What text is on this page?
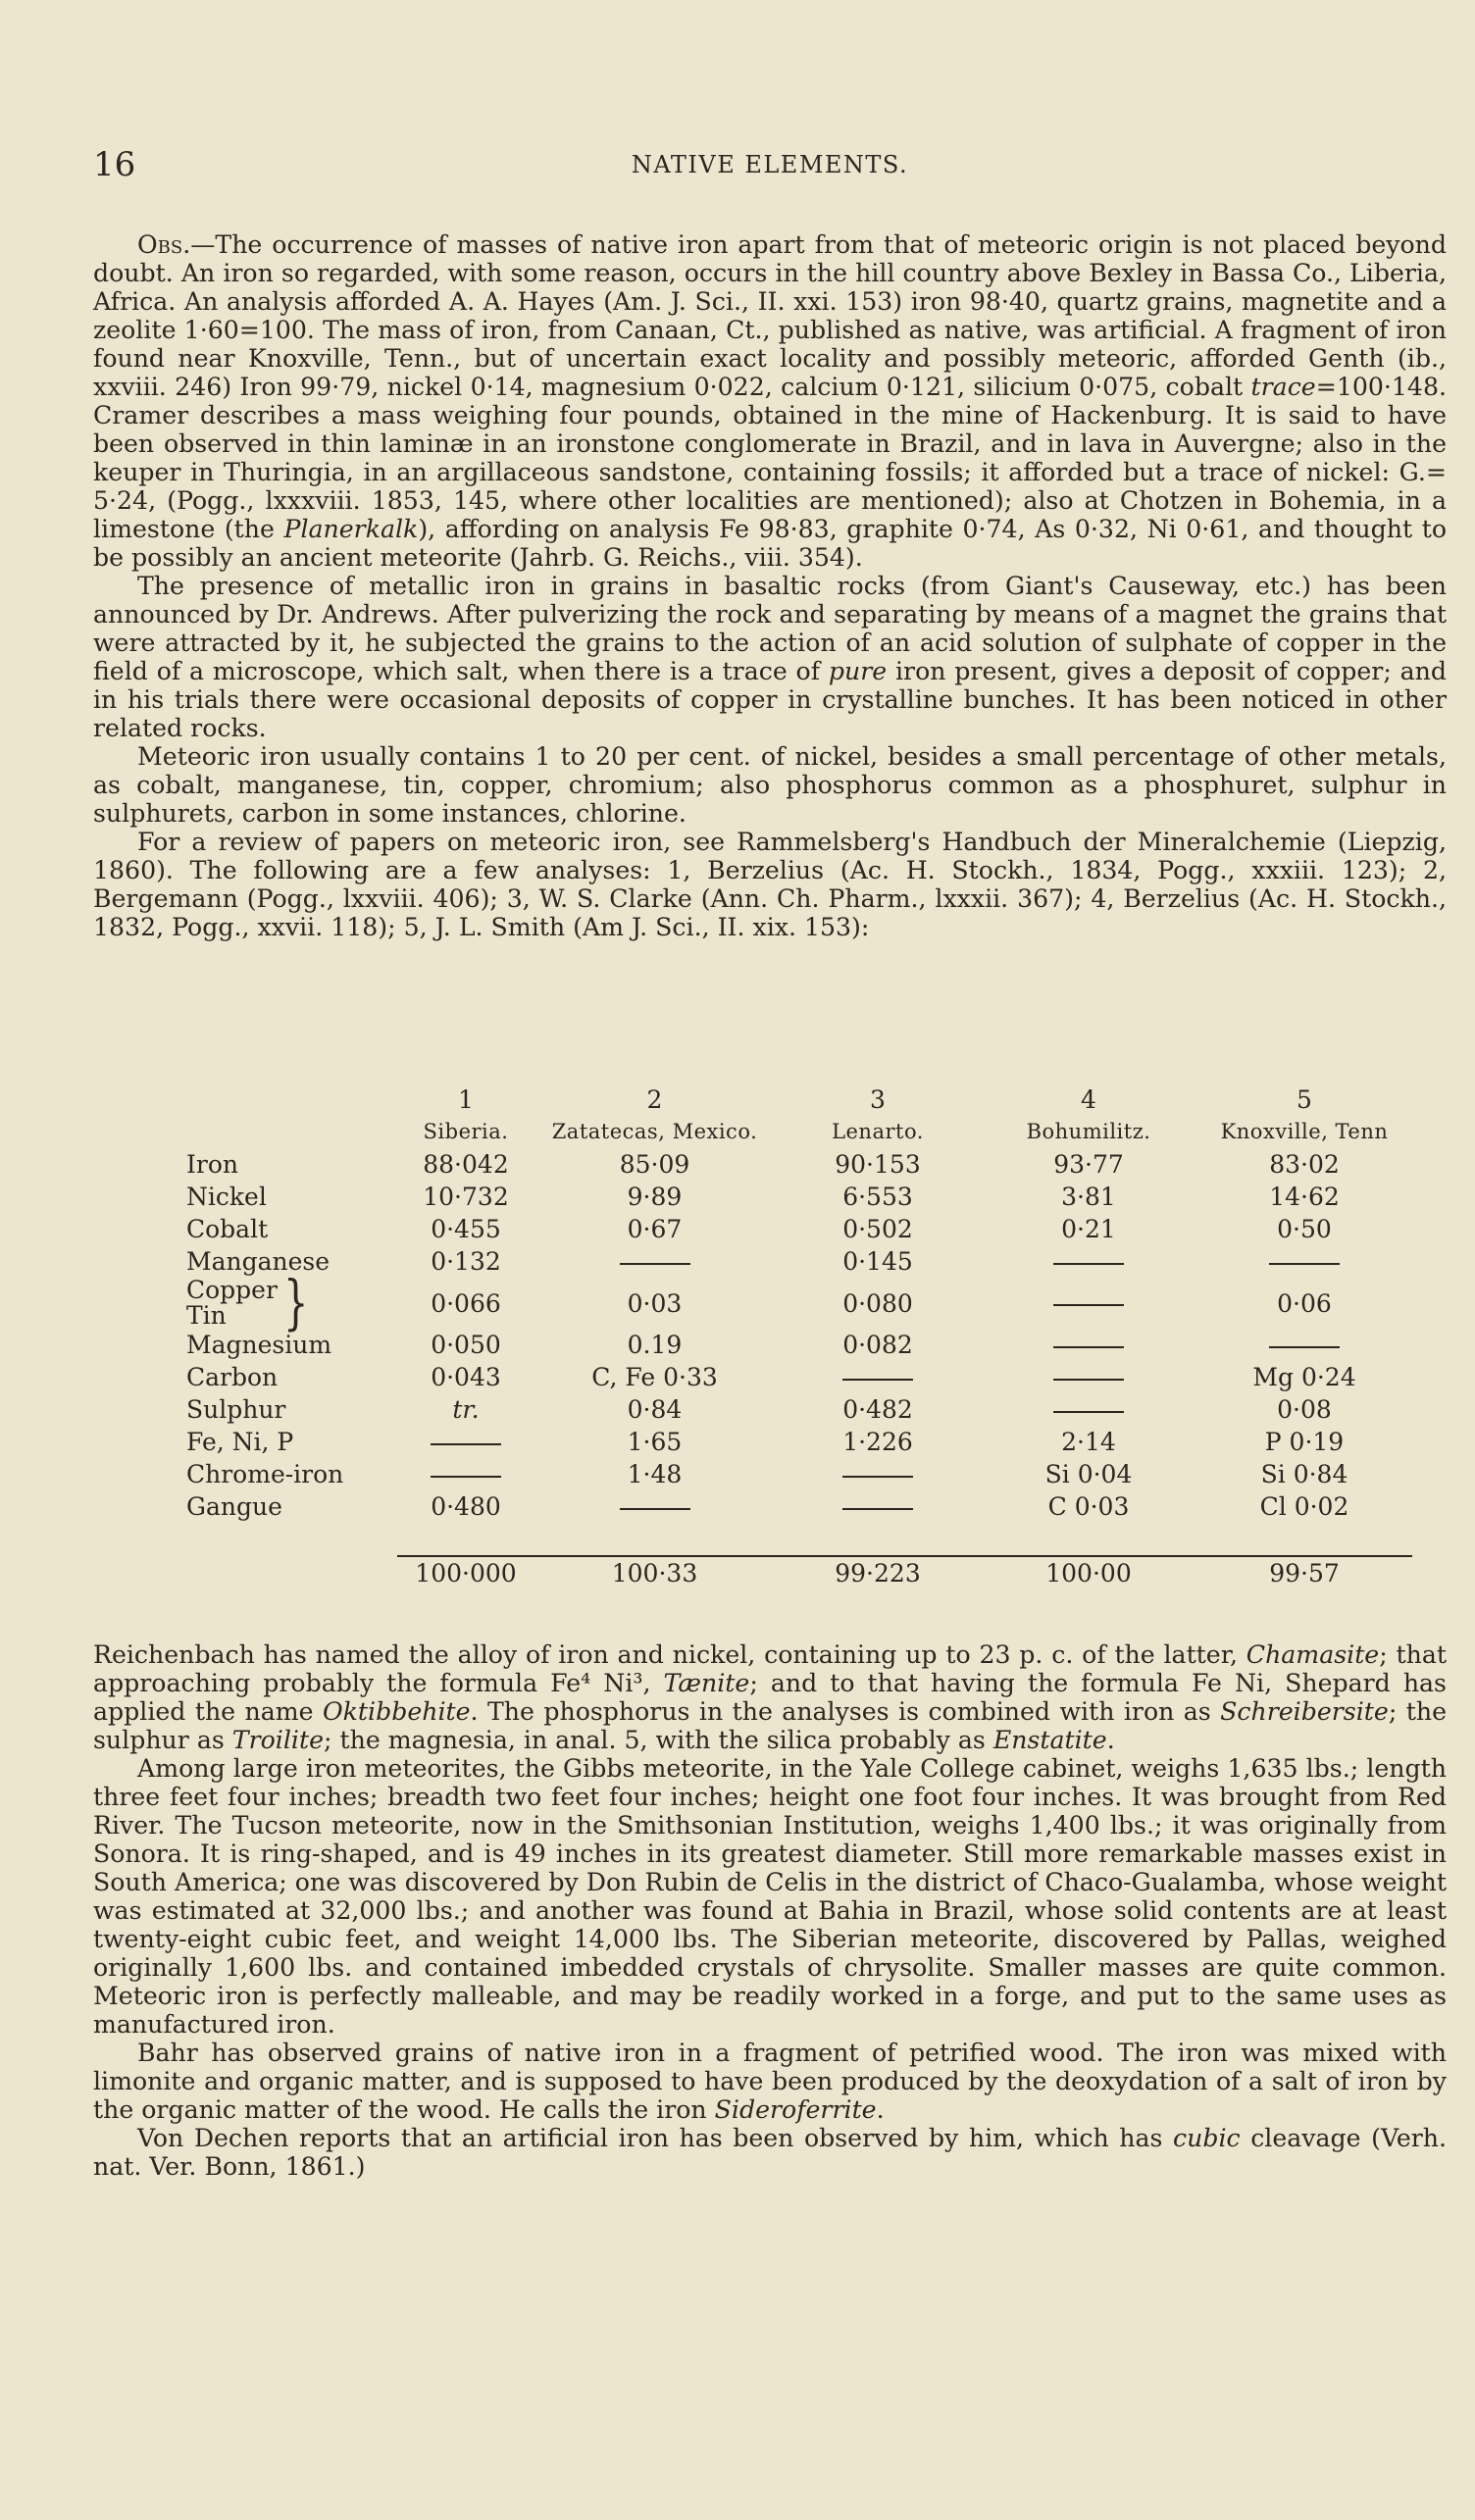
16	NATIVE ELEMENTS.

Obs.—The occurrence of masses of native iron apart from that of meteoric origin is not placed beyond doubt. An iron so regarded, with some reason, occurs in the hill country above Bexley in Bassa Co., Liberia, Africa. An analysis afforded A. A. Hayes (Am. J. Sci., II. xxi. 153) iron 98·40, quartz grains, magnetite and a zeolite 1·60=100. The mass of iron, from Canaan, Ct., published as native, was artificial. A fragment of iron found near Knoxville, Tenn., but of uncertain exact locality and possibly meteoric, afforded Genth (ib., xxviii. 246) Iron 99·79, nickel 0·14, magnesium 0·022, calcium 0·121, silicium 0·075, cobalt trace=100·148. Cramer describes a mass weighing four pounds, obtained in the mine of Hackenburg. It is said to have been observed in thin laminæ in an ironstone conglomerate in Brazil, and in lava in Auvergne; also in the keuper in Thuringia, in an argillaceous sandstone, containing fossils; it afforded but a trace of nickel: G.= 5·24, (Pogg., lxxxviii. 1853, 145, where other localities are mentioned); also at Chotzen in Bohemia, in a limestone (the Planerkalk), affording on analysis Fe 98·83, graphite 0·74, As 0·32, Ni 0·61, and thought to be possibly an ancient meteorite (Jahrb. G. Reichs., viii. 354).

The presence of metallic iron in grains in basaltic rocks (from Giant's Causeway, etc.) has been announced by Dr. Andrews. After pulverizing the rock and separating by means of a magnet the grains that were attracted by it, he subjected the grains to the action of an acid solution of sulphate of copper in the field of a microscope, which salt, when there is a trace of pure iron present, gives a deposit of copper; and in his trials there were occasional deposits of copper in crystalline bunches. It has been noticed in other related rocks.

Meteoric iron usually contains 1 to 20 per cent. of nickel, besides a small percentage of other metals, as cobalt, manganese, tin, copper, chromium; also phosphorus common as a phosphuret, sulphur in sulphurets, carbon in some instances, chlorine.

For a review of papers on meteoric iron, see Rammelsberg's Handbuch der Mineralchemie (Liepzig, 1860). The following are a few analyses: 1, Berzelius (Ac. H. Stockh., 1834, Pogg., xxxiii. 123); 2, Bergemann (Pogg., lxxviii. 406); 3, W. S. Clarke (Ann. Ch. Pharm., lxxxii. 367); 4, Berzelius (Ac. H. Stockh., 1832, Pogg., xxvii. 118); 5, J. L. Smith (Am J. Sci., II. xix. 153):

	1	2	3	4	5
	Siberia.	Zatatecas, Mexico.	Lenarto.	Bohumilitz.	Knoxville, Tenn
Iron	88·042	85·09	90·153	93·77	83·02
Nickel	10·732	9·89	6·553	3·81	14·62
Cobalt	0·455	0·67	0·502	0·21	0·50
Manganese	0·132		0·145		
Copper
Tin }	0·066	0·03	0·080		0·06
Magnesium	0·050	0.19	0·082		
Carbon	0·043	C, Fe 0·33			Mg 0·24
Sulphur	tr.	0·84	0·482		0·08
Fe, Ni, P		1·65	1·226	2·14	P 0·19
Chrome-iron		1·48		Si 0·04	Si 0·84
Gangue	0·480			C 0·03	Cl 0·02

	100·000	100·33	99·223	100·00	99·57

Reichenbach has named the alloy of iron and nickel, containing up to 23 p. c. of the latter, Chamasite; that approaching probably the formula Fe⁴ Ni³, Tænite; and to that having the formula Fe Ni, Shepard has applied the name Oktibbehite. The phosphorus in the analyses is combined with iron as Schreibersite; the sulphur as Troilite; the magnesia, in anal. 5, with the silica probably as Enstatite.

Among large iron meteorites, the Gibbs meteorite, in the Yale College cabinet, weighs 1,635 lbs.; length three feet four inches; breadth two feet four inches; height one foot four inches. It was brought from Red River. The Tucson meteorite, now in the Smithsonian Institution, weighs 1,400 lbs.; it was originally from Sonora. It is ring-shaped, and is 49 inches in its greatest diameter. Still more remarkable masses exist in South America; one was discovered by Don Rubin de Celis in the district of Chaco-Gualamba, whose weight was estimated at 32,000 lbs.; and another was found at Bahia in Brazil, whose solid contents are at least twenty-eight cubic feet, and weight 14,000 lbs. The Siberian meteorite, discovered by Pallas, weighed originally 1,600 lbs. and contained imbedded crystals of chrysolite. Smaller masses are quite common. Meteoric iron is perfectly malleable, and may be readily worked in a forge, and put to the same uses as manufactured iron.

Bahr has observed grains of native iron in a fragment of petrified wood. The iron was mixed with limonite and organic matter, and is supposed to have been produced by the deoxydation of a salt of iron by the organic matter of the wood. He calls the iron Sideroferrite.

Von Dechen reports that an artificial iron has been observed by him, which has cubic cleavage (Verh. nat. Ver. Bonn, 1861.)
